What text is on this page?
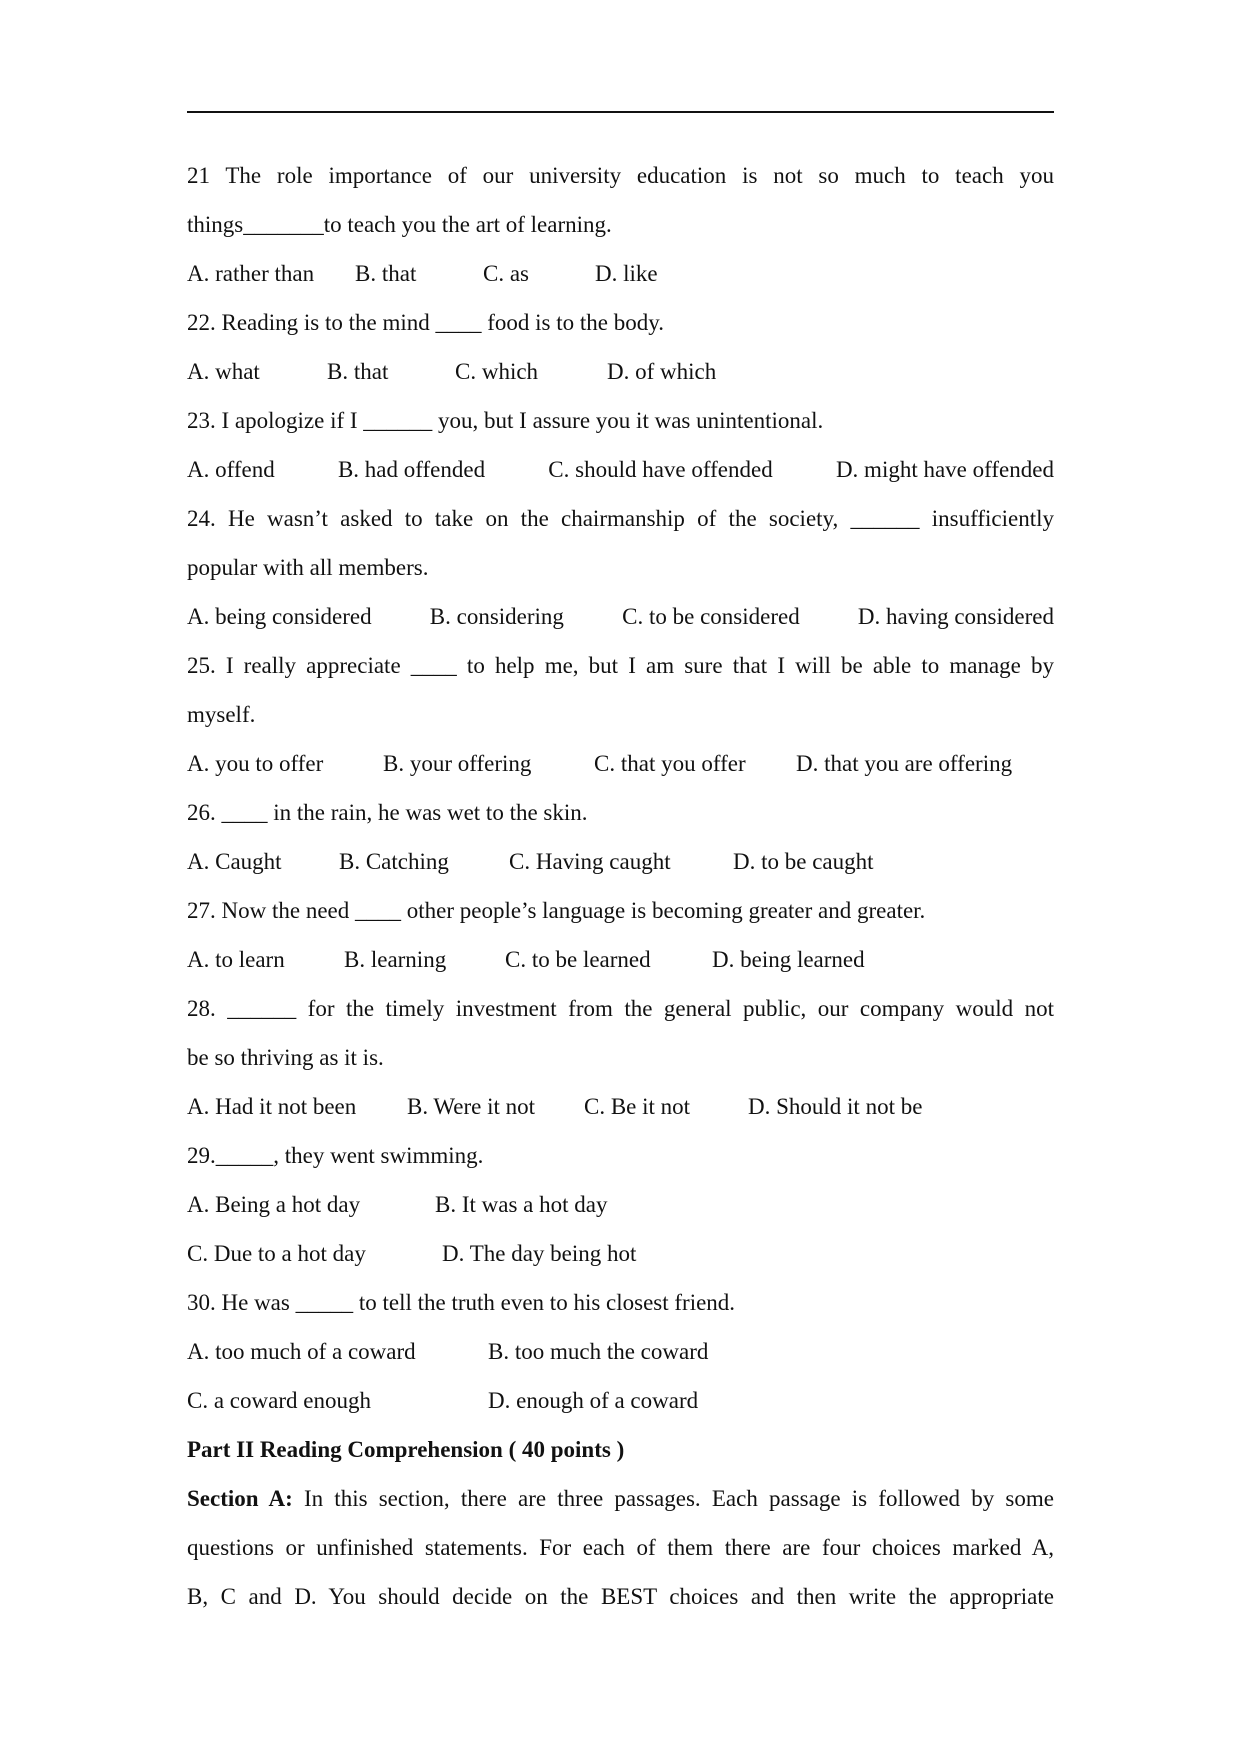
21 The role importance of our university education is not so much to teach you
things_______to teach you the art of learning.
A. rather than	B. that	C. as	D. like
22. Reading is to the mind ____ food is to the body.
A. what	B. that	C. which	D. of which
23. I apologize if I ______ you, but I assure you it was unintentional.
A. offend	B. had offended	C. should have offended	D. might have offended
24. He wasn’t asked to take on the chairmanship of the society, ______ insufficiently
popular with all members.
A. being considered	B. considering	C. to be considered	D. having considered
25. I really appreciate ____ to help me, but I am sure that I will be able to manage by
myself.
A. you to offer	B. your offering	C. that you offer	D. that you are offering
26. ____ in the rain, he was wet to the skin.
A. Caught	B. Catching	C. Having caught	D. to be caught
27. Now the need ____ other people’s language is becoming greater and greater.
A. to learn	B. learning	C. to be learned	D. being learned
28. ______ for the timely investment from the general public, our company would not
be so thriving as it is.
A. Had it not been	B. Were it not	C. Be it not	D. Should it not be
29._____, they went swimming.
A. Being a hot day	B. It was a hot day
C. Due to a hot day	D. The day being hot
30. He was _____ to tell the truth even to his closest friend.
A. too much of a coward	B. too much the coward
C. a coward enough	D. enough of a coward
Part II Reading Comprehension ( 40 points )
Section A: In this section, there are three passages. Each passage is followed by some
questions or unfinished statements. For each of them there are four choices marked A,
B, C and D. You should decide on the BEST choices and then write the appropriate
